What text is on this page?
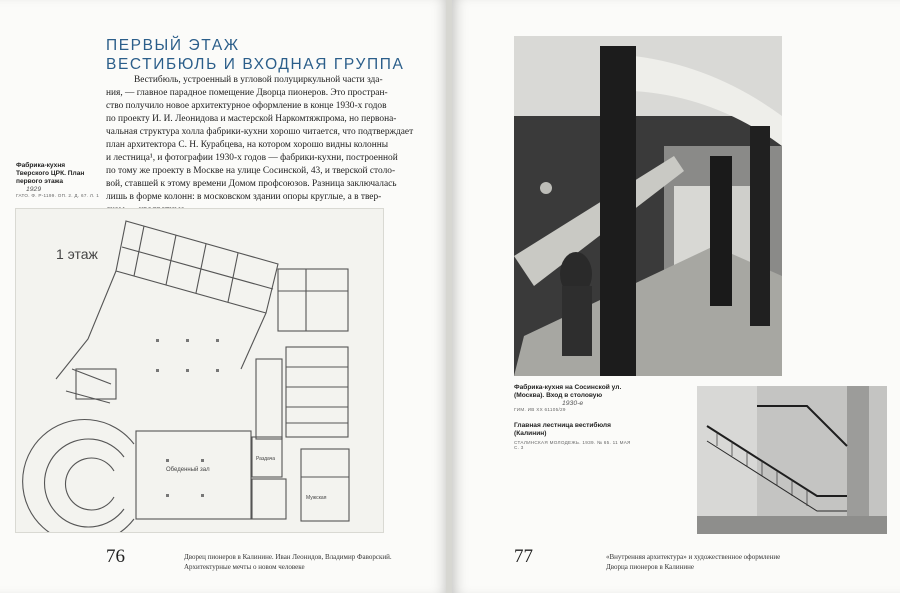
ПЕРВЫЙ ЭТАЖ
ВЕСТИБЮЛЬ И ВХОДНАЯ ГРУППА
Вестибюль, устроенный в угловой полуциркульной части зда-
ния, — главное парадное помещение Дворца пионеров. Это простран-
ство получило новое архитектурное оформление в конце 1930-х годов
по проекту И. И. Леонидова и мастерской Наркомтяжпрома, но первона-
чальная структура холла фабрики-кухни хорошо читается, что подтверждает
план архитектора С. Н. Курабцева, на котором хорошо видны колонны
и лестница¹, и фотографии 1930-х годов — фабрики-кухни, построенной
по тому же проекту в Москве на улице Сосинской, 43, и тверской столо-
вой, ставшей к этому времени Домом профсоюзов. Разница заключалась
лишь в форме колонн: в московском здании опоры круглые, а в твер-
Фабрика-кухня
Тверского ЦРК. План
первого этажа
1929
ГАТО. Ф. Р-1199. ОП. 2. Д. 67. Л. 1
1 этаж
Обеденный зал
Раздача
Мужская
76	Дворец пионеров в Калинине. Иван Леонидов, Владимир Фаворский.
Архитектурные мечты о новом человеке
Фабрика-кухня на Сосинской ул.
(Москва). Вход в столовую
1930-е
ГИМ. ИВ XX 61105/29
Главная лестница вестибюля
(Калинин)
СТАЛИНСКАЯ МОЛОДЕЖЬ. 1939. № 65. 11 МАЯ
С. 3
77	«Внутренняя архитектура» и художественное оформление
Дворца пионеров в Калинине
